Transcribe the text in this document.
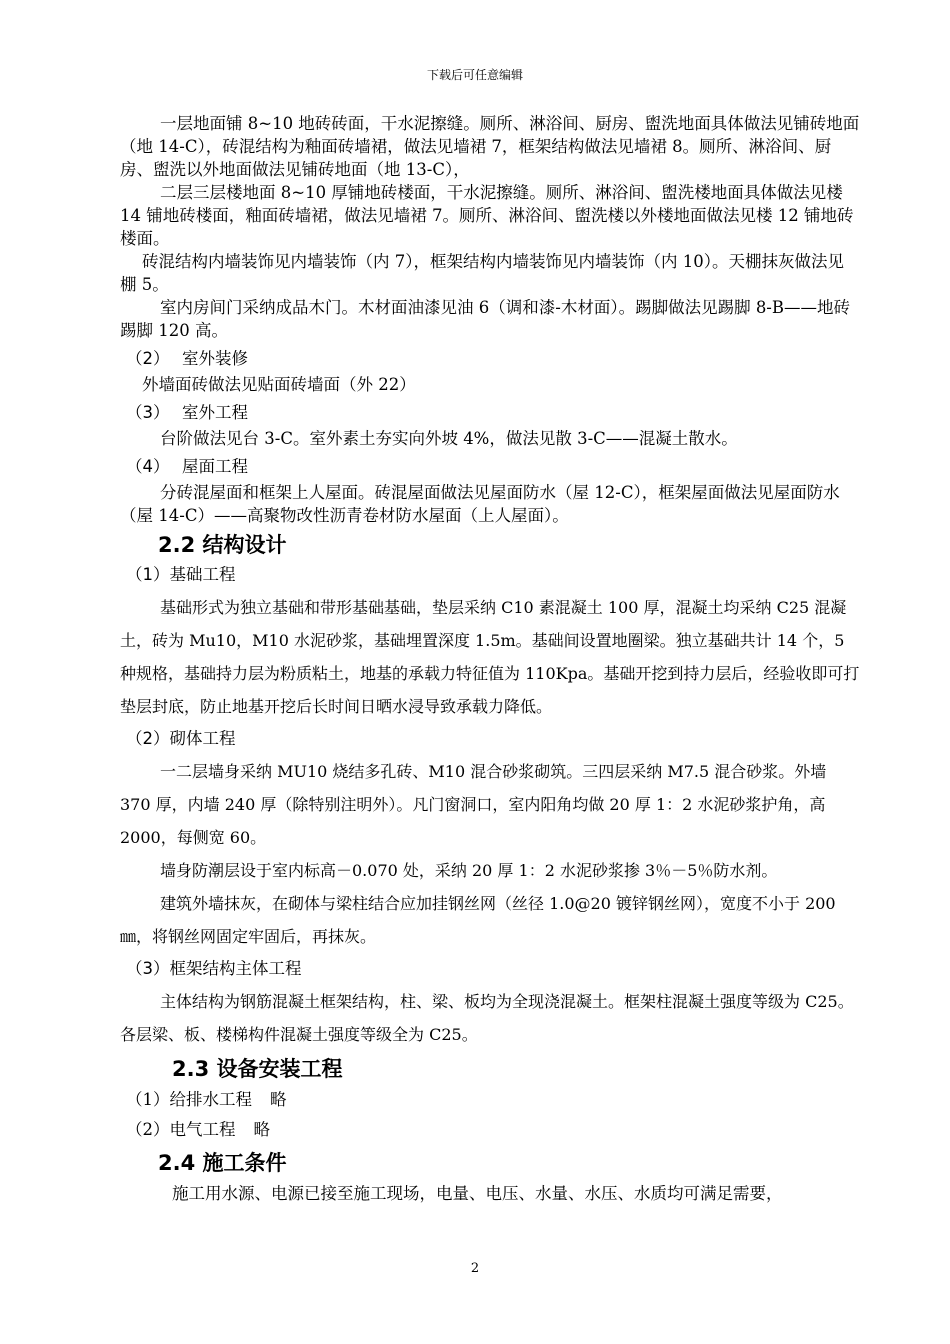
下载后可任意编辑

一层地面铺 8~10 地砖砖面，干水泥擦缝。厕所、淋浴间、厨房、盥洗地面具体做法见铺砖地面（地 14-C），砖混结构为釉面砖墙裙，做法见墙裙 7，框架结构做法见墙裙 8。厕所、淋浴间、厨房、盥洗以外地面做法见铺砖地面（地 13-C），

二层三层楼地面 8~10 厚铺地砖楼面，干水泥擦缝。厕所、淋浴间、盥洗楼地面具体做法见楼 14 铺地砖楼面，釉面砖墙裙，做法见墙裙 7。厕所、淋浴间、盥洗楼以外楼地面做法见楼 12 铺地砖楼面。

砖混结构内墙装饰见内墙装饰（内 7），框架结构内墙装饰见内墙装饰（内 10）。天棚抹灰做法见棚 5。

室内房间门采纳成品木门。木材面油漆见油 6（调和漆-木材面）。踢脚做法见踢脚 8-B——地砖踢脚 120 高。

（2） 室外装修

外墙面砖做法见贴面砖墙面（外 22）

（3） 室外工程

台阶做法见台 3-C。室外素土夯实向外坡 4%，做法见散 3-C——混凝土散水。

（4） 屋面工程

分砖混屋面和框架上人屋面。砖混屋面做法见屋面防水（屋 12-C），框架屋面做法见屋面防水（屋 14-C）——高聚物改性沥青卷材防水屋面（上人屋面）。

2.2 结构设计
（1）基础工程

基础形式为独立基础和带形基础基础，垫层采纳 C10 素混凝土 100 厚，混凝土均采纳 C25 混凝土，砖为 Mu10，M10 水泥砂浆，基础埋置深度 1.5m。基础间设置地圈梁。独立基础共计 14 个，5 种规格，基础持力层为粉质粘土，地基的承载力特征值为 110Kpa。基础开挖到持力层后，经验收即可打垫层封底，防止地基开挖后长时间日晒水浸导致承载力降低。

（2）砌体工程

一二层墙身采纳 MU10 烧结多孔砖、M10 混合砂浆砌筑。三四层采纳 M7.5 混合砂浆。外墙 370 厚，内墙 240 厚（除特别注明外）。凡门窗洞口，室内阳角均做 20 厚 1：2 水泥砂浆护角，高 2000，每侧宽 60。

墙身防潮层设于室内标高－0.070 处，采纳 20 厚 1：2 水泥砂浆掺 3％－5％防水剂。

建筑外墙抹灰，在砌体与梁柱结合应加挂钢丝网（丝径 1.0@20 镀锌钢丝网），宽度不小于 200㎜，将钢丝网固定牢固后，再抹灰。

（3）框架结构主体工程

主体结构为钢筋混凝土框架结构，柱、梁、板均为全现浇混凝土。框架柱混凝土强度等级为 C25。各层梁、板、楼梯构件混凝土强度等级全为 C25。

2.3 设备安装工程
（1）给排水工程 略
（2）电气工程 略
2.4 施工条件

施工用水源、电源已接至施工现场，电量、电压、水量、水压、水质均可满足需要，

2
